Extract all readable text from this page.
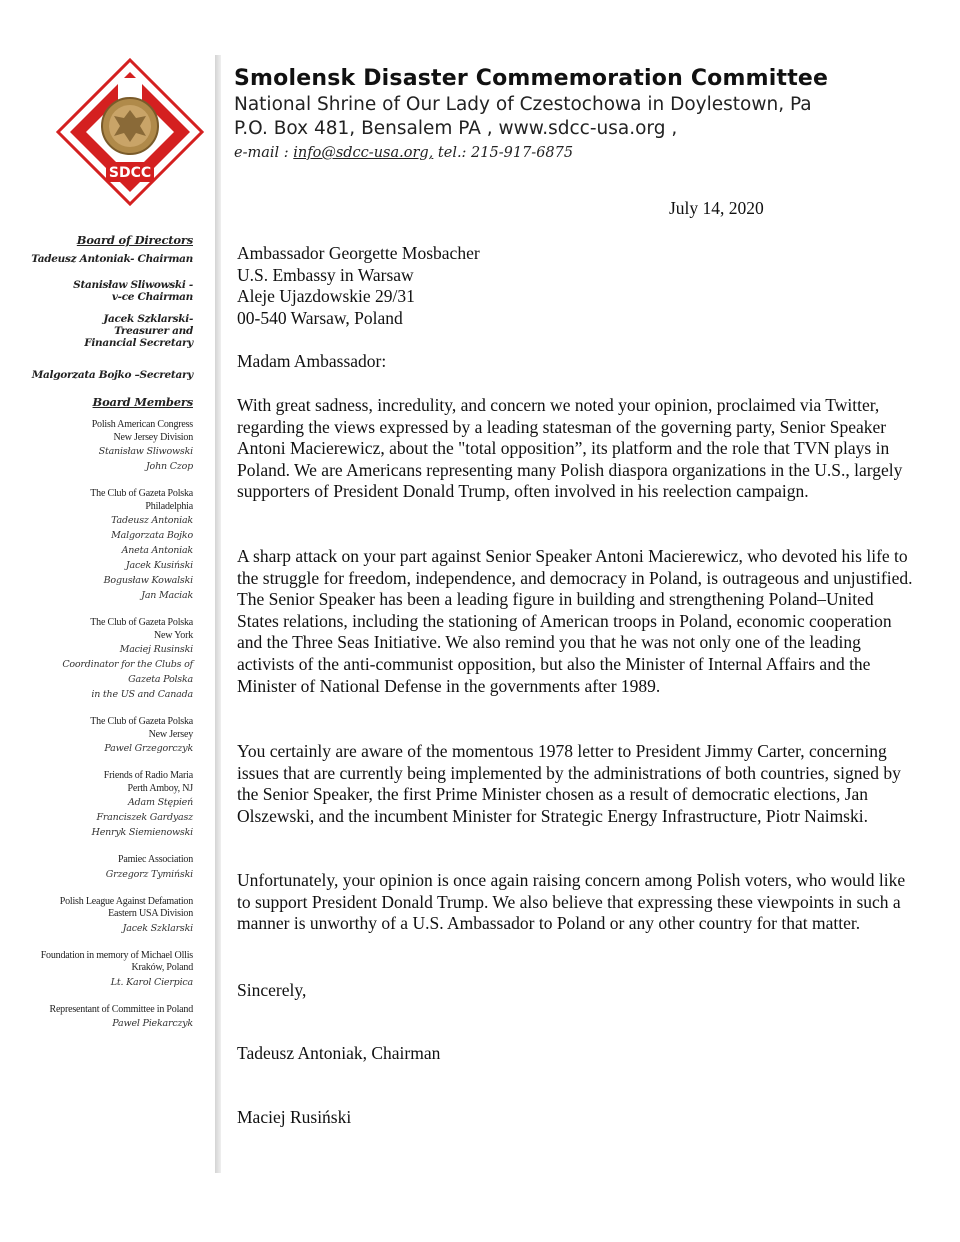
SDCC
Smolensk Disaster Commemoration Committee
National Shrine of Our Lady of Czestochowa in Doylestown, Pa
P.O. Box 481, Bensalem PA , www.sdcc-usa.org ,
e-mail : info@sdcc-usa.org, tel.: 215-917-6875
Board of Directors
Tadeusz Antoniak- Chairman
Stanisław Sliwowski -
v-ce Chairman
Jacek Szklarski-
Treasurer and
Financial Secretary
Malgorzata Bojko –Secretary
Board Members
Polish American Congress
New Jersey Division
Stanisław Sliwowski
John Czop
The Club of Gazeta Polska
Philadelphia
Tadeusz Antoniak
Malgorzata Bojko
Aneta Antoniak
Jacek Kusiński
Bogusław Kowalski
Jan Maciak
The Club of Gazeta Polska
New York
Maciej Rusinski
Coordinator for the Clubs of
Gazeta Polska
in the US and Canada
The Club of Gazeta Polska
New Jersey
Pawel Grzegorczyk
Friends of Radio Maria
Perth Amboy, NJ
Adam Stępień
Franciszek Gardyasz
Henryk Siemienowski
Pamiec Association
Grzegorz Tymiński
Polish League Against Defamation
Eastern USA Division
Jacek Szklarski
Foundation in memory of Michael Ollis
Kraków, Poland
Lt. Karol Cierpica
Representant of Committee in Poland
Pawel Piekarczyk
July 14, 2020
Ambassador Georgette Mosbacher
U.S. Embassy in Warsaw
Aleje Ujazdowskie 29/31
00-540 Warsaw, Poland
Madam Ambassador:
With great sadness, incredulity, and concern we noted your opinion, proclaimed via Twitter, regarding the views expressed by a leading statesman of the governing party, Senior Speaker Antoni Macierewicz, about the "total opposition”, its platform and the role that TVN plays in Poland. We are Americans representing many Polish diaspora organizations in the U.S., largely supporters of President Donald Trump, often involved in his reelection campaign.
A sharp attack on your part against Senior Speaker Antoni Macierewicz, who devoted his life to the struggle for freedom, independence, and democracy in Poland, is outrageous and unjustified. The Senior Speaker has been a leading figure in building and strengthening Poland–United States relations, including the stationing of American troops in Poland, economic cooperation and the Three Seas Initiative. We also remind you that he was not only one of the leading activists of the anti-communist opposition, but also the Minister of Internal Affairs and the Minister of National Defense in the governments after 1989.
You certainly are aware of the momentous 1978 letter to President Jimmy Carter, concerning issues that are currently being implemented by the administrations of both countries, signed by the Senior Speaker, the first Prime Minister chosen as a result of democratic elections, Jan Olszewski, and the incumbent Minister for Strategic Energy Infrastructure, Piotr Naimski.
Unfortunately, your opinion is once again raising concern among Polish voters, who would like to support President Donald Trump. We also believe that expressing these viewpoints in such a manner is unworthy of a U.S. Ambassador to Poland or any other country for that matter.
Sincerely,
Tadeusz Antoniak, Chairman
Maciej Rusiński
